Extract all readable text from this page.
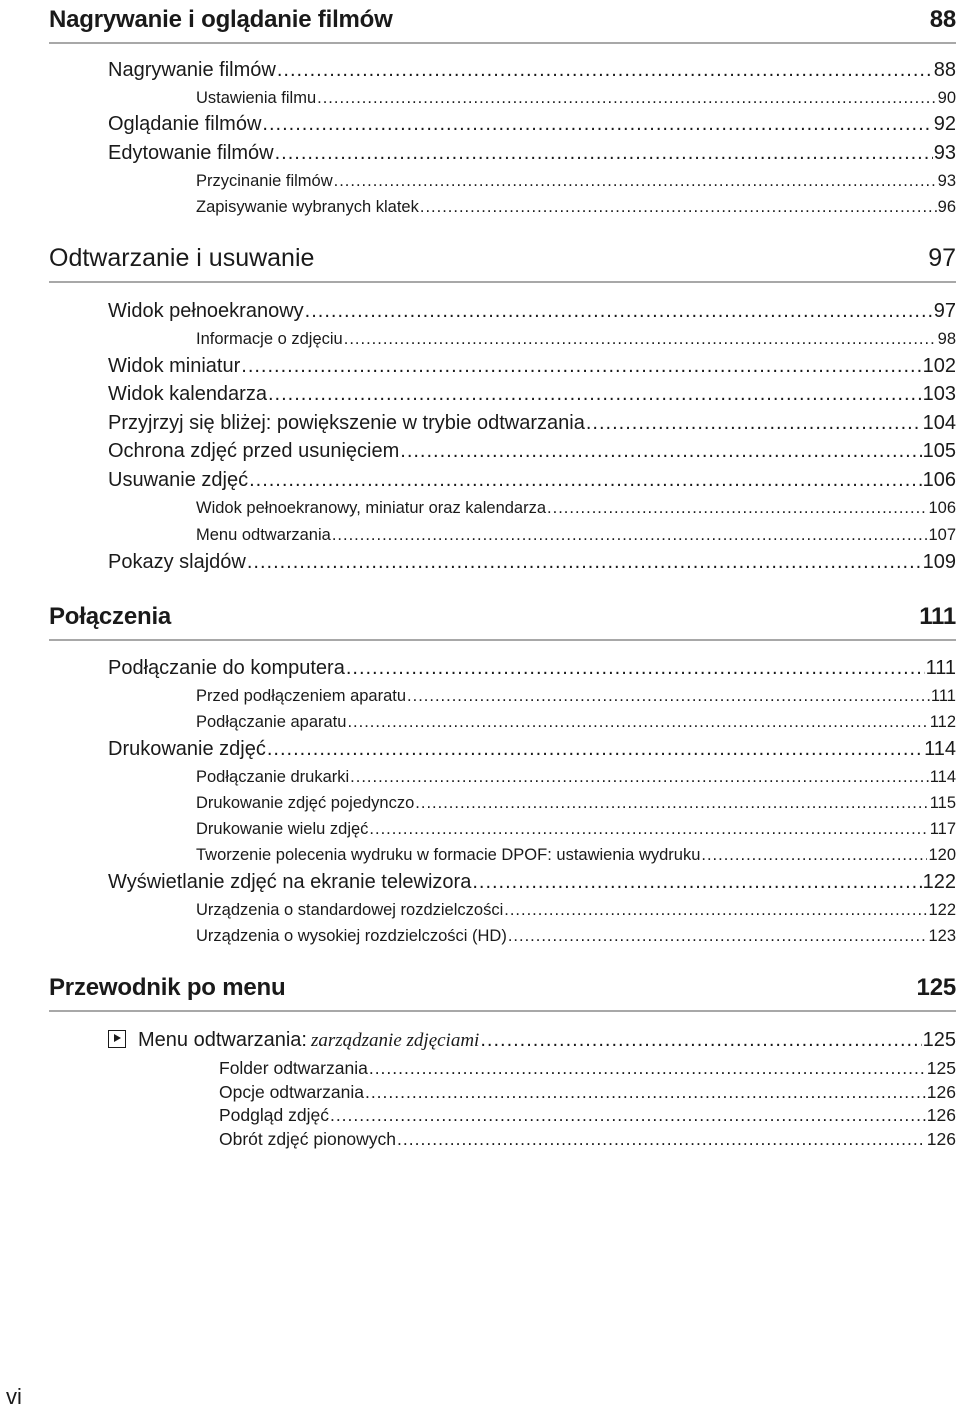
Nagrywanie i oglądanie filmów	88
Nagrywanie filmów .....	88
Ustawienia filmu .....	90
Oglądanie filmów .....	92
Edytowanie filmów .....	93
Przycinanie filmów .....	93
Zapisywanie wybranych klatek .....	96
Odtwarzanie i usuwanie	97
Widok pełnoekranowy .....	97
Informacje o zdjęciu .....	98
Widok miniatur .....	102
Widok kalendarza .....	103
Przyjrzyj się bliżej: powiększenie w trybie odtwarzania .....	104
Ochrona zdjęć przed usunięciem .....	105
Usuwanie zdjęć .....	106
Widok pełnoekranowy, miniatur oraz kalendarza .....	106
Menu odtwarzania .....	107
Pokazy slajdów .....	109
Połączenia	111
Podłączanie do komputera .....	111
Przed podłączeniem aparatu .....	111
Podłączanie aparatu .....	112
Drukowanie zdjęć .....	114
Podłączanie drukarki .....	114
Drukowanie zdjęć pojedynczo .....	115
Drukowanie wielu zdjęć .....	117
Tworzenie polecenia wydruku w formacie DPOF: ustawienia wydruku .....	120
Wyświetlanie zdjęć na ekranie telewizora .....	122
Urządzenia o standardowej rozdzielczości .....	122
Urządzenia o wysokiej rozdzielczości (HD) .....	123
Przewodnik po menu	125
Menu odtwarzania: zarządzanie zdjęciami .....	125
Folder odtwarzania .....	125
Opcje odtwarzania .....	126
Podgląd zdjęć .....	126
Obrót zdjęć pionowych .....	126
vi
